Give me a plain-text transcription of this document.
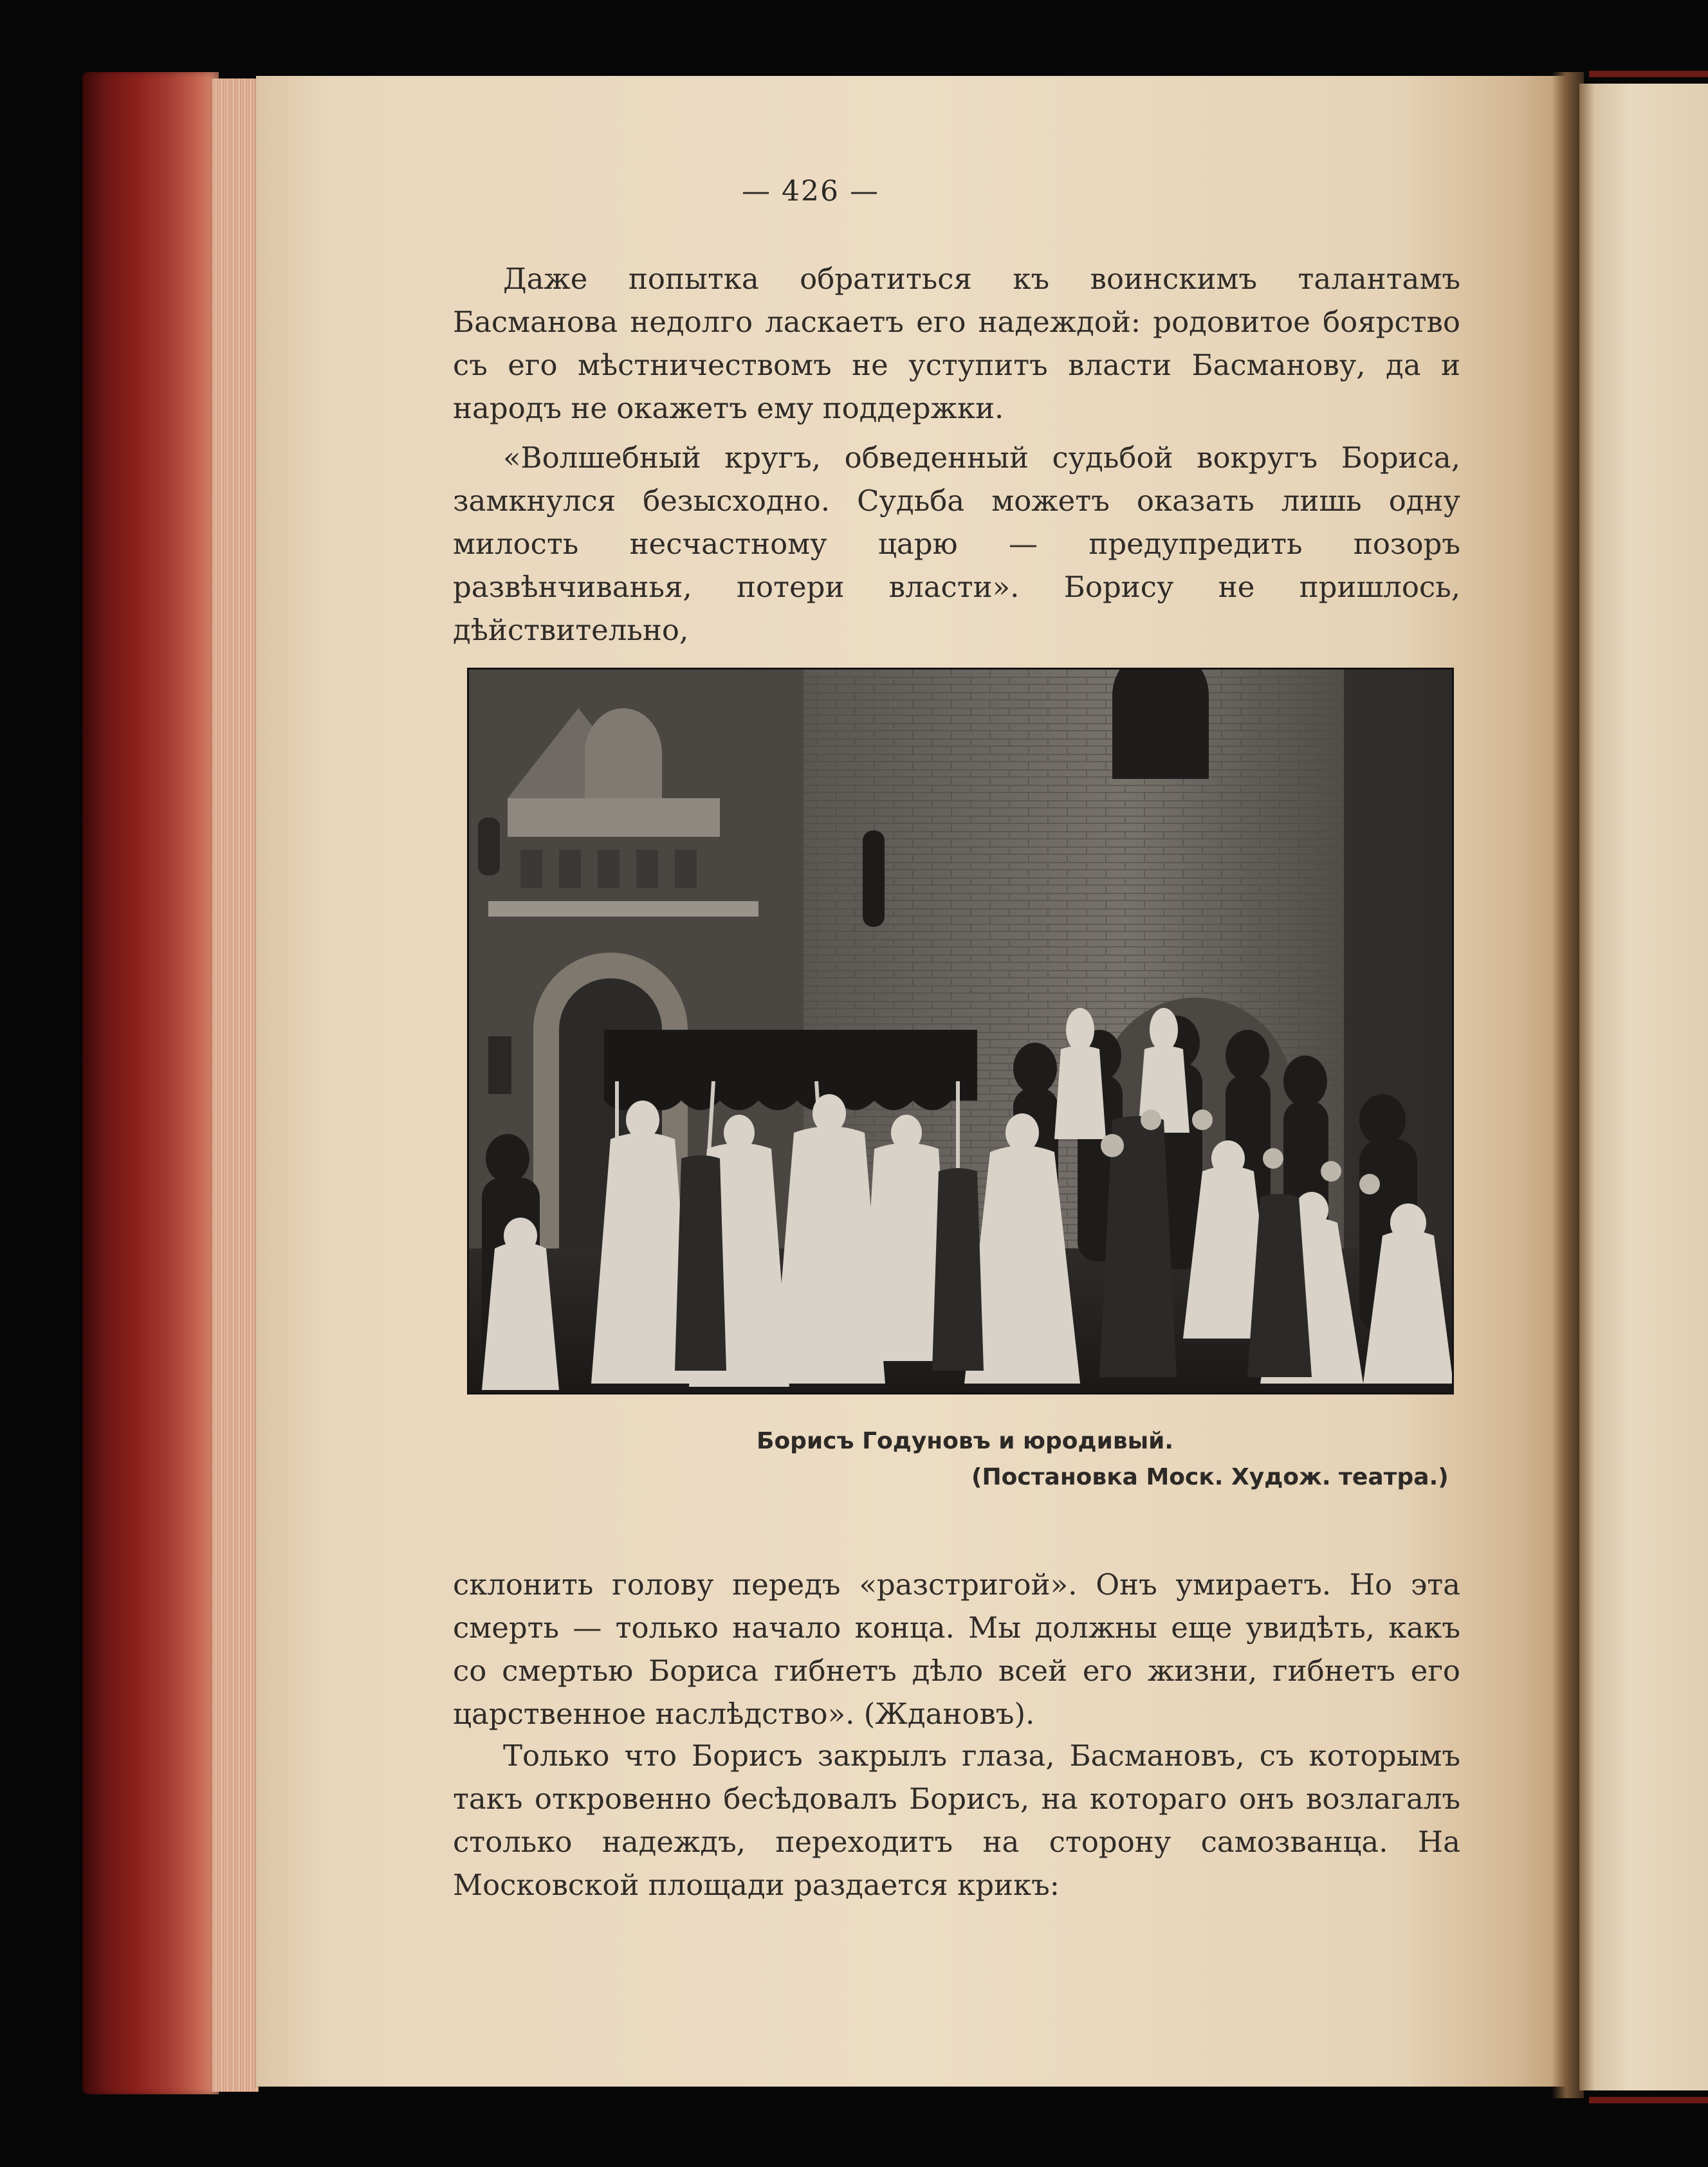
— 426 —

Даже попытка обратиться къ воинскимъ талантамъ Басманова недолго ласкаетъ его надеждой: родовитое боярство съ его мѣстничествомъ не уступитъ власти Басманову, да и народъ не окажетъ ему поддержки.

«Волшебный кругъ, обведенный судьбой вокругъ Бориса, замкнулся безысходно. Судьба можетъ оказать лишь одну милость несчастному царю — предупредить позоръ развѣнчиванья, потери власти». Борису не пришлось, дѣйствительно,

Борисъ Годуновъ и юродивый.
(Постановка Моск. Худож. театра.)

склонить голову передъ «разстригой». Онъ умираетъ. Но эта смерть — только начало конца. Мы должны еще увидѣть, какъ со смертью Бориса гибнетъ дѣло всей его жизни, гибнетъ его царственное наслѣдство». (Ждановъ).

Только что Борисъ закрылъ глаза, Басмановъ, съ которымъ такъ откровенно бесѣдовалъ Борисъ, на котораго онъ возлагалъ столько надеждъ, переходитъ на сторону самозванца. На Московской площади раздается крикъ:
